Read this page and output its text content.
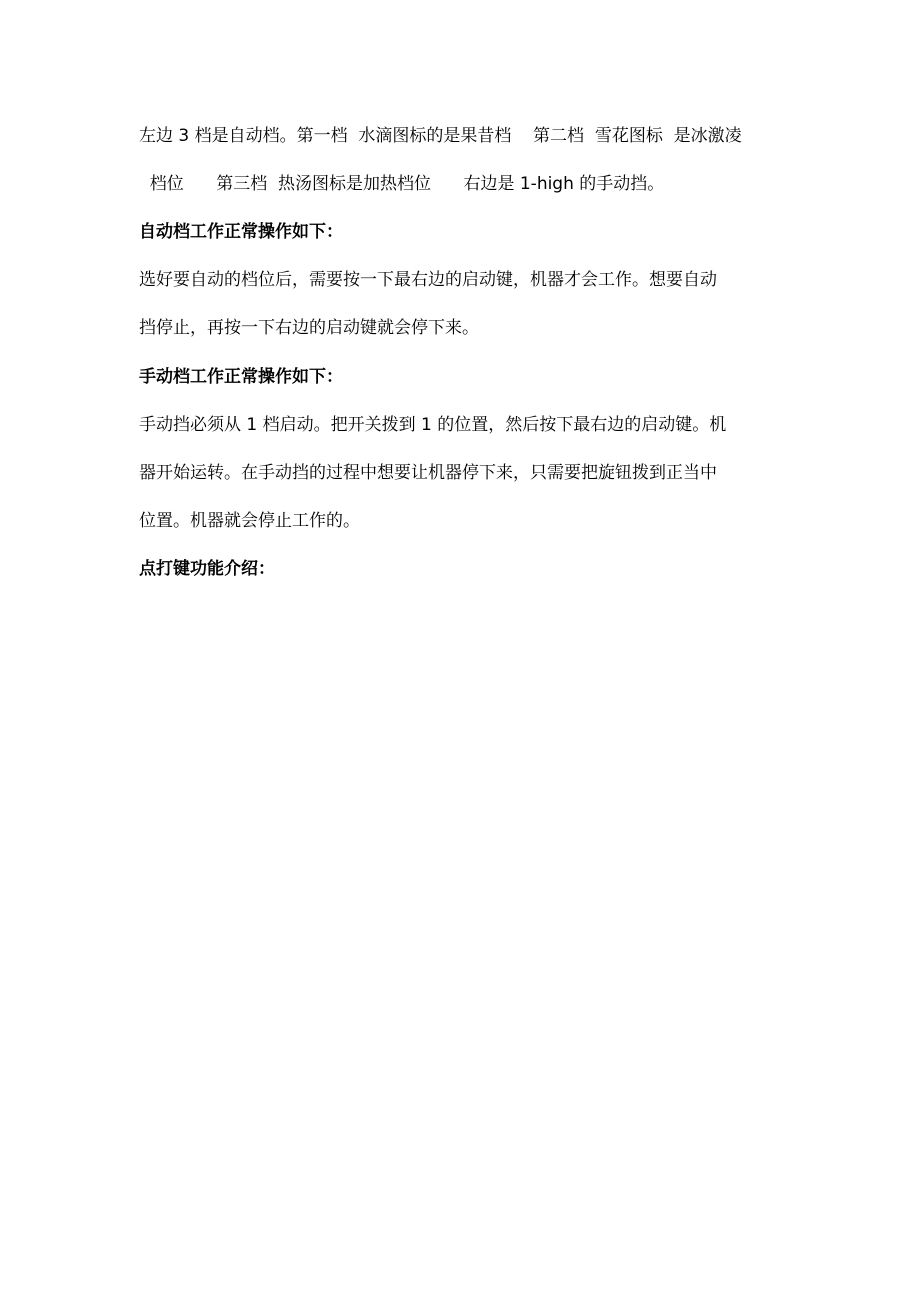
左边 3 档是自动档。第一档  水滴图标的是果昔档    第二档  雪花图标  是冰激凌
档位      第三档  热汤图标是加热档位      右边是 1-high 的手动挡。
自动档工作正常操作如下：
选好要自动的档位后，需要按一下最右边的启动键，机器才会工作。想要自动
挡停止，再按一下右边的启动键就会停下来。
手动档工作正常操作如下：
手动挡必须从 1 档启动。把开关拨到 1 的位置，然后按下最右边的启动键。机
器开始运转。在手动挡的过程中想要让机器停下来，只需要把旋钮拨到正当中
位置。机器就会停止工作的。
点打键功能介绍：
